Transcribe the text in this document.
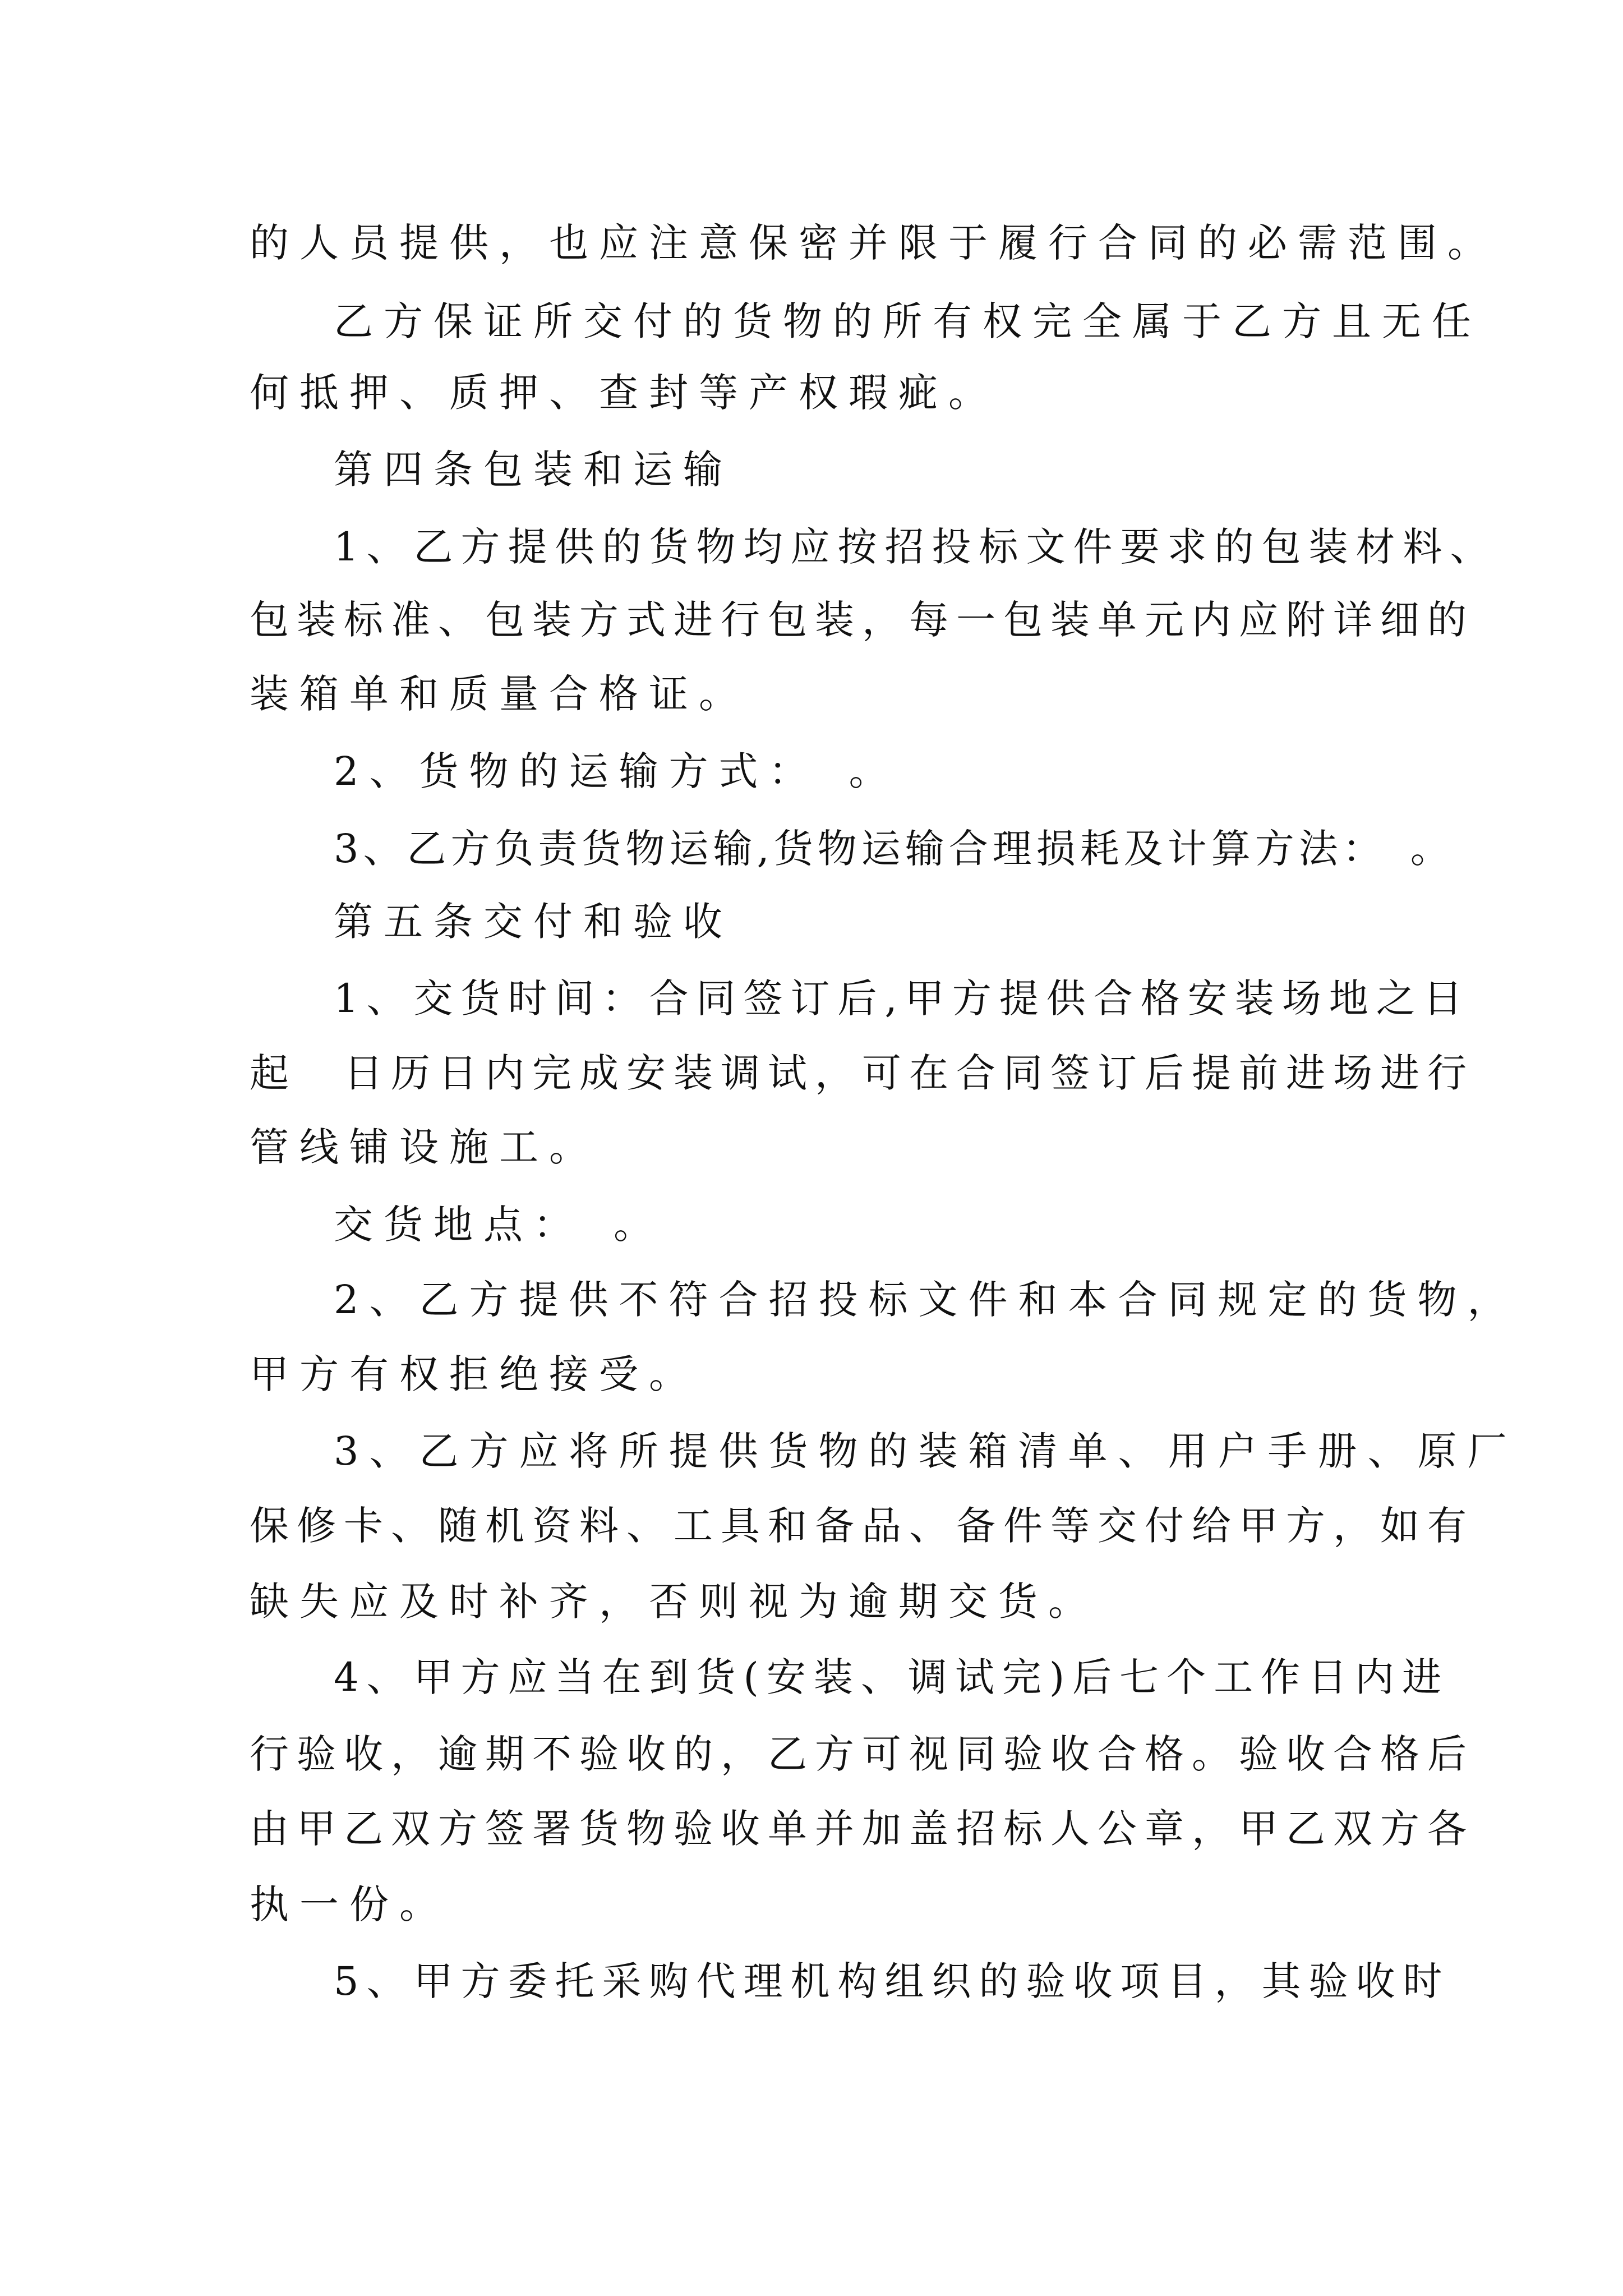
的人员提供，也应注意保密并限于履行合同的必需范围。
乙方保证所交付的货物的所有权完全属于乙方且无任
何抵押、质押、查封等产权瑕疵。
第四条包装和运输
1、乙方提供的货物均应按招投标文件要求的包装材料、
包装标准、包装方式进行包装，每一包装单元内应附详细的
装箱单和质量合格证。
2、货物的运输方式：　。
3、乙方负责货物运输,货物运输合理损耗及计算方法：　。
第五条交付和验收
1、交货时间：合同签订后,甲方提供合格安装场地之日
起　日历日内完成安装调试，可在合同签订后提前进场进行
管线铺设施工。
交货地点：　。
2、乙方提供不符合招投标文件和本合同规定的货物，
甲方有权拒绝接受。
3、乙方应将所提供货物的装箱清单、用户手册、原厂
保修卡、随机资料、工具和备品、备件等交付给甲方，如有
缺失应及时补齐，否则视为逾期交货。
4、甲方应当在到货(安装、调试完)后七个工作日内进
行验收，逾期不验收的，乙方可视同验收合格。验收合格后
由甲乙双方签署货物验收单并加盖招标人公章，甲乙双方各
执一份。
5、甲方委托采购代理机构组织的验收项目，其验收时
